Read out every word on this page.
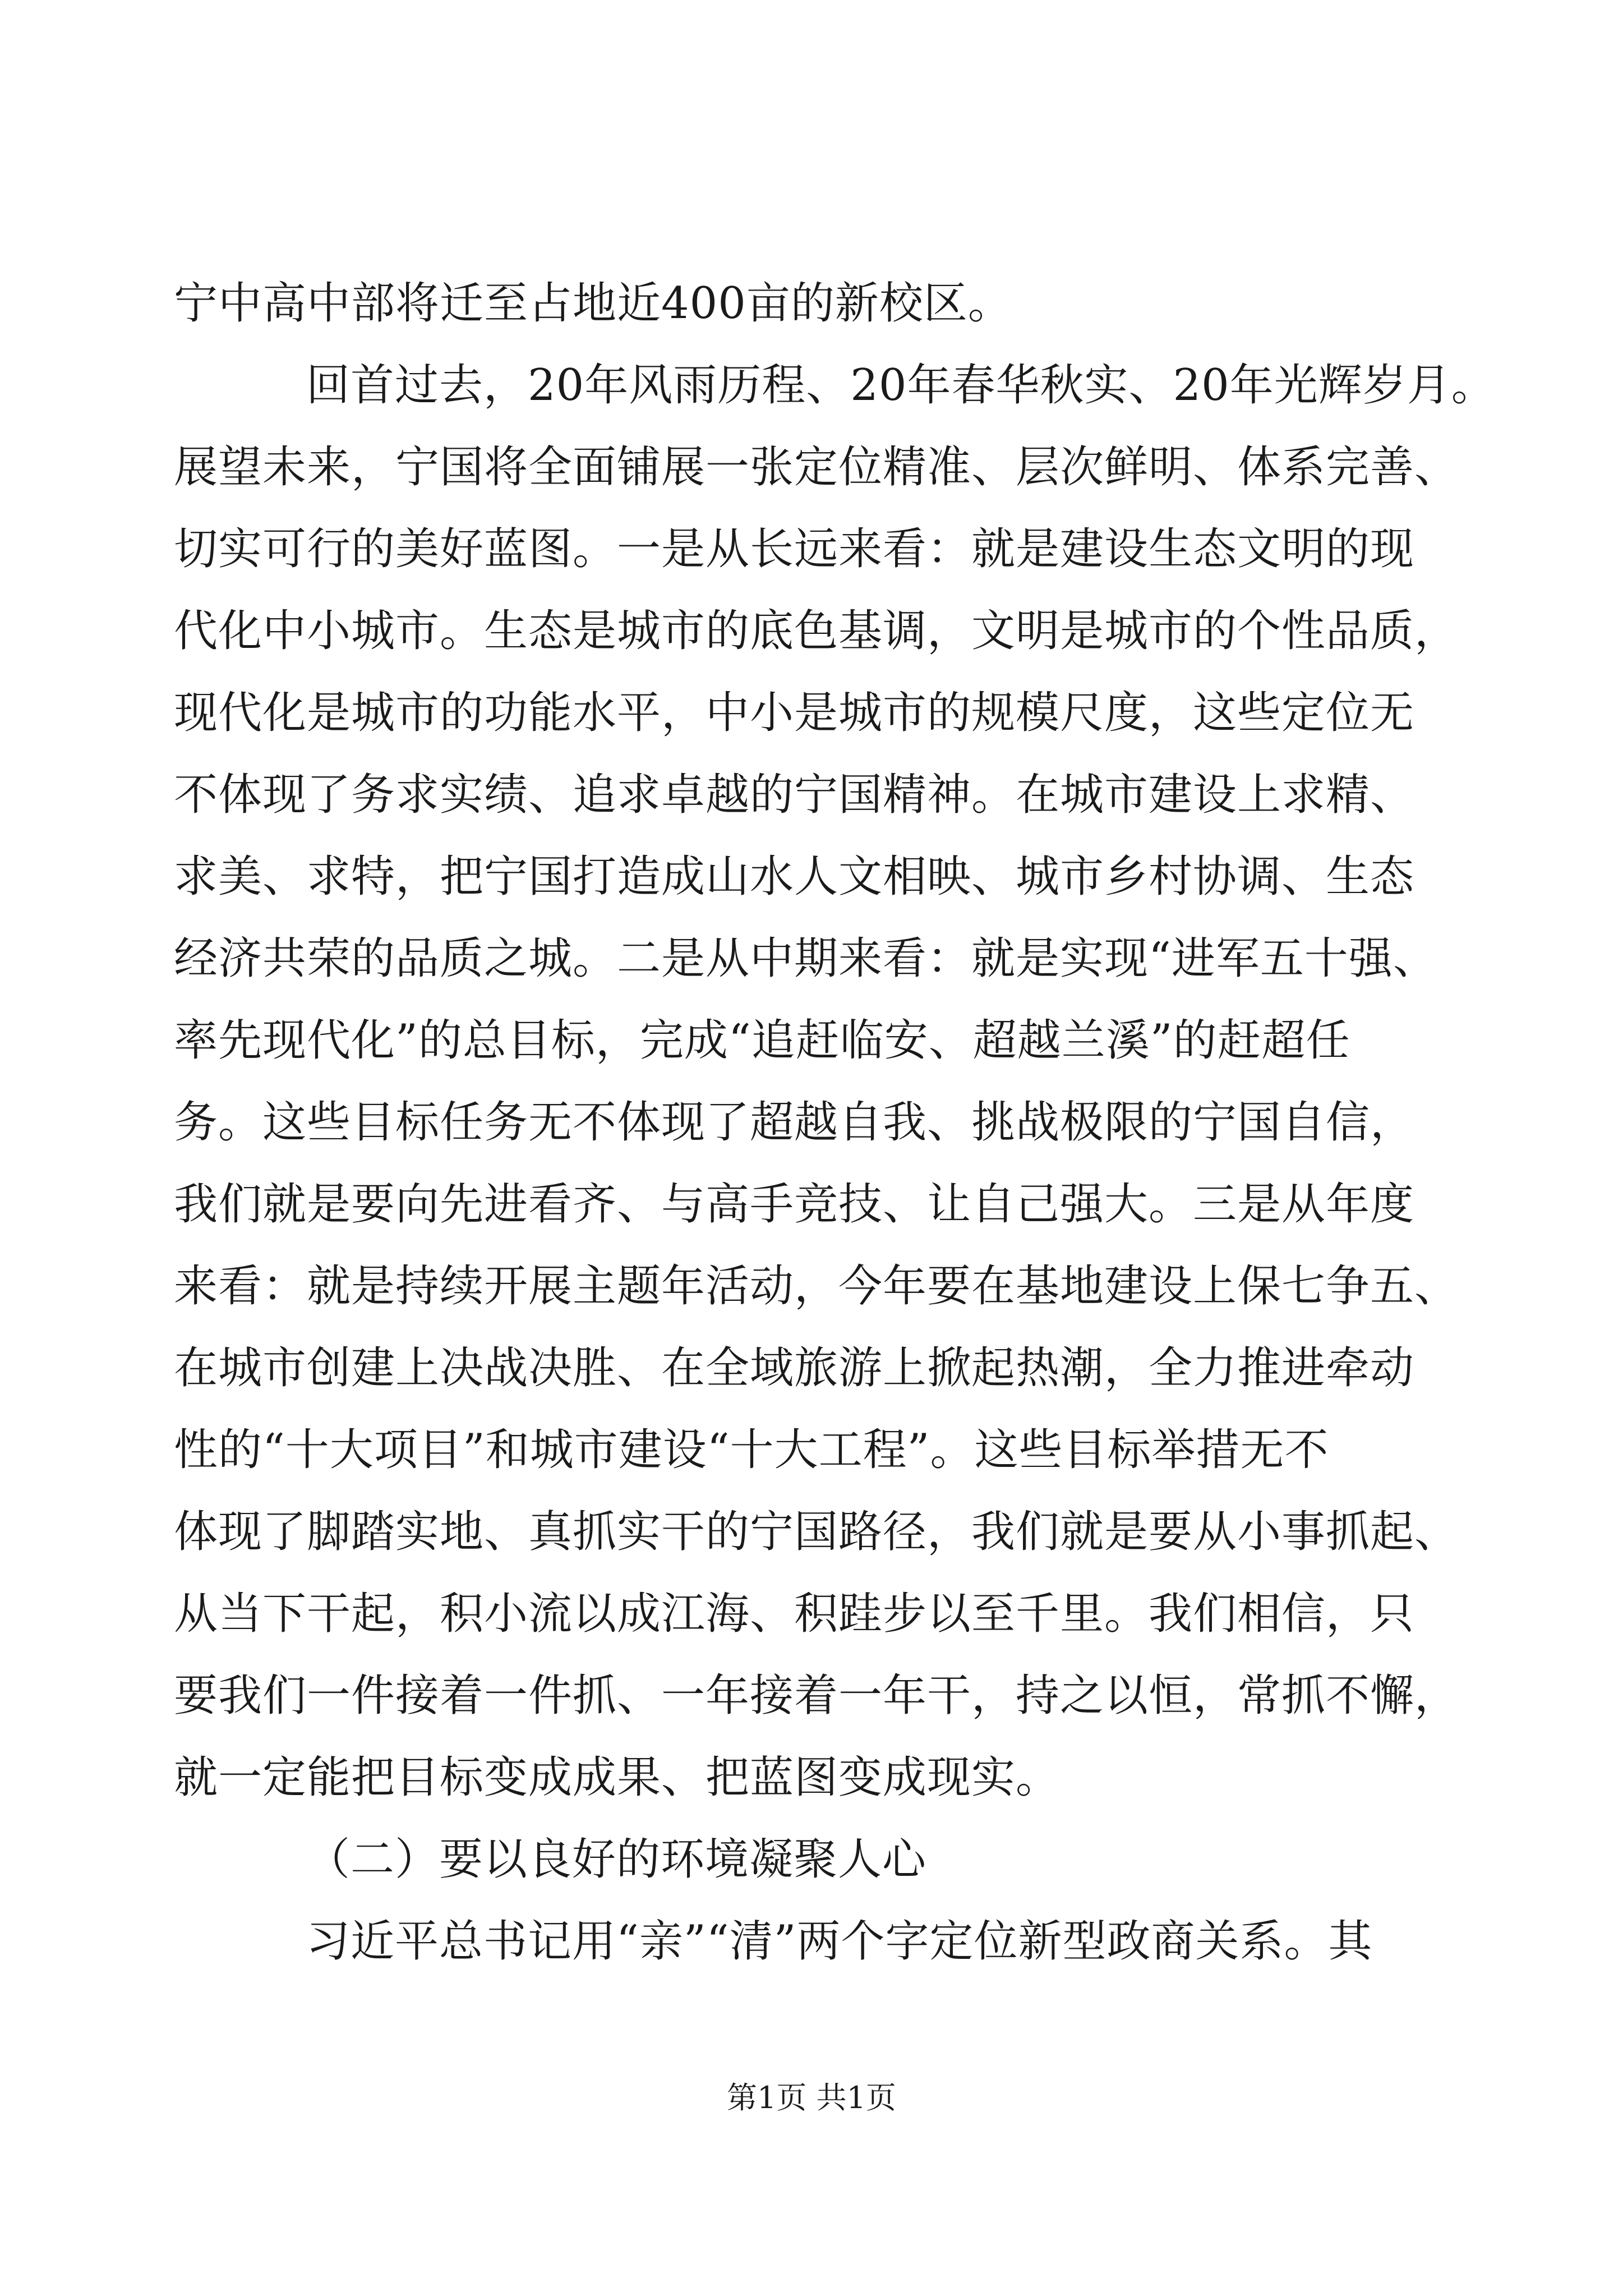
宁中高中部将迁至占地近400亩的新校区。
回首过去，20年风雨历程、20年春华秋实、20年光辉岁月。
展望未来，宁国将全面铺展一张定位精准、层次鲜明、体系完善、
切实可行的美好蓝图。一是从长远来看：就是建设生态文明的现
代化中小城市。生态是城市的底色基调，文明是城市的个性品质，
现代化是城市的功能水平，中小是城市的规模尺度，这些定位无
不体现了务求实绩、追求卓越的宁国精神。在城市建设上求精、
求美、求特，把宁国打造成山水人文相映、城市乡村协调、生态
经济共荣的品质之城。二是从中期来看：就是实现“进军五十强、
率先现代化”的总目标，完成“追赶临安、超越兰溪”的赶超任
务。这些目标任务无不体现了超越自我、挑战极限的宁国自信，
我们就是要向先进看齐、与高手竞技、让自己强大。三是从年度
来看：就是持续开展主题年活动，今年要在基地建设上保七争五、
在城市创建上决战决胜、在全域旅游上掀起热潮，全力推进牵动
性的“十大项目”和城市建设“十大工程”。这些目标举措无不
体现了脚踏实地、真抓实干的宁国路径，我们就是要从小事抓起、
从当下干起，积小流以成江海、积跬步以至千里。我们相信，只
要我们一件接着一件抓、一年接着一年干，持之以恒，常抓不懈，
就一定能把目标变成成果、把蓝图变成现实。
（二）要以良好的环境凝聚人心
习近平总书记用“亲”“清”两个字定位新型政商关系。其
第1页 共1页
